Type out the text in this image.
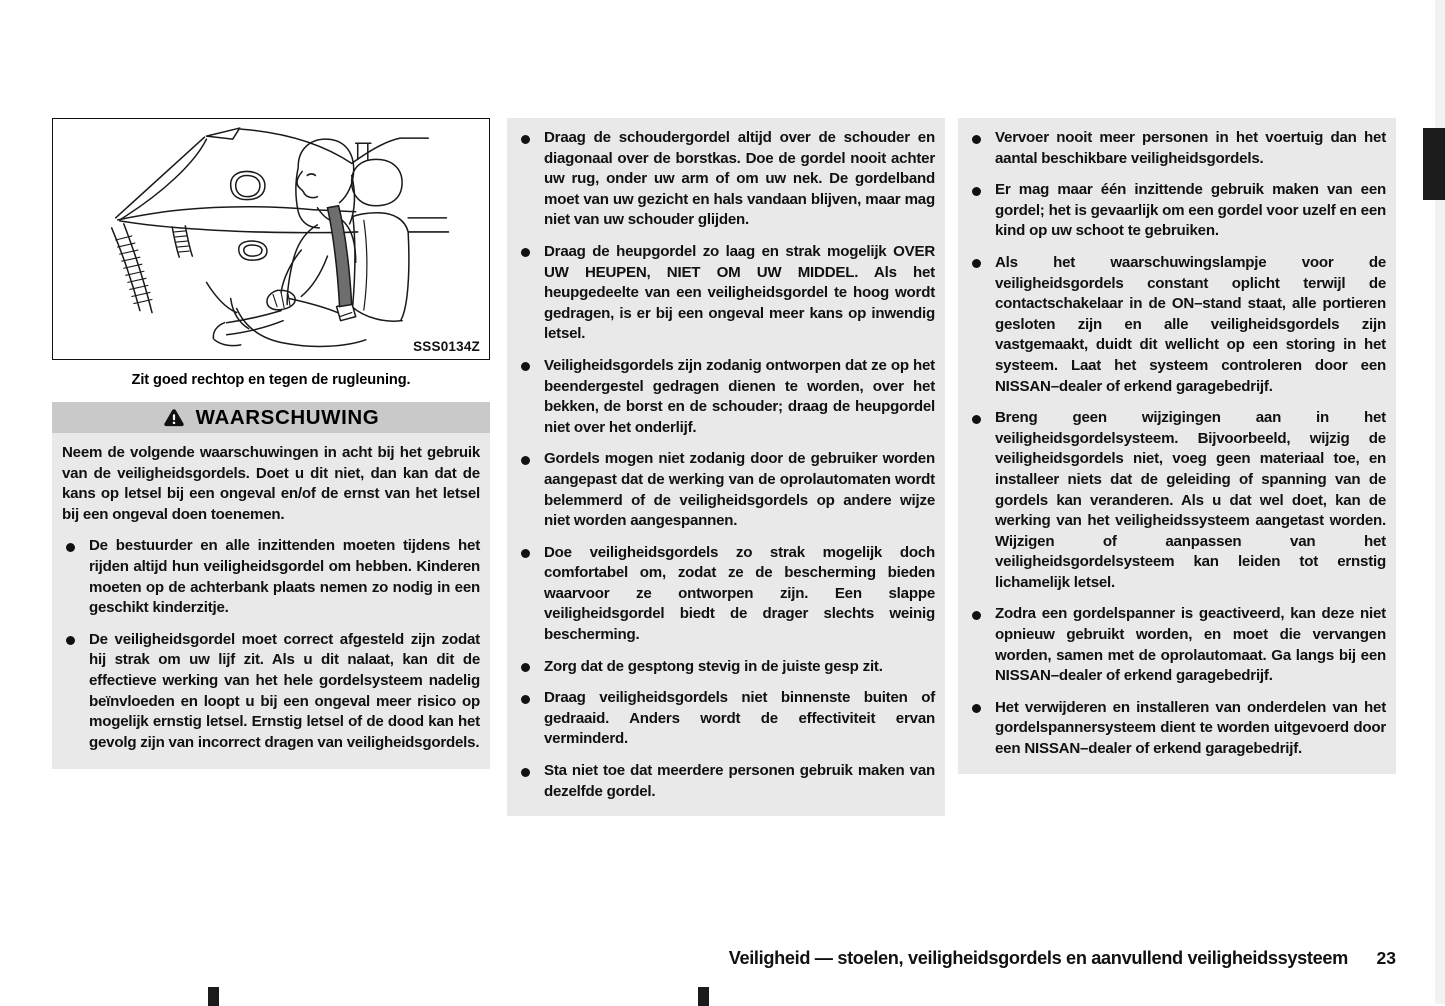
SSS0134Z
Zit goed rechtop en tegen de rugleuning.
WAARSCHUWING

Neem de volgende waarschuwingen in acht bij het gebruik van de veiligheidsgordels. Doet u dit niet, dan kan dat de kans op letsel bij een ongeval en/of de ernst van het letsel bij een ongeval doen toenemen.

De bestuurder en alle inzittenden moeten tijdens het rijden altijd hun veiligheidsgordel om hebben. Kinderen moeten op de achterbank plaats nemen zo nodig in een geschikt kinderzitje.
De veiligheidsgordel moet correct afgesteld zijn zodat hij strak om uw lijf zit. Als u dit nalaat, kan dit de effectieve werking van het hele gordelsysteem nadelig beïnvloeden en loopt u bij een ongeval meer risico op mogelijk ernstig letsel. Ernstig letsel of de dood kan het gevolg zijn van incorrect dragen van veiligheidsgordels.
Draag de schoudergordel altijd over de schouder en diagonaal over de borstkas. Doe de gordel nooit achter uw rug, onder uw arm of om uw nek. De gordelband moet van uw gezicht en hals vandaan blijven, maar mag niet van uw schouder glijden.
Draag de heupgordel zo laag en strak mogelijk OVER UW HEUPEN, NIET OM UW MIDDEL. Als het heupgedeelte van een veiligheidsgordel te hoog wordt gedragen, is er bij een ongeval meer kans op inwendig letsel.
Veiligheidsgordels zijn zodanig ontworpen dat ze op het beendergestel gedragen dienen te worden, over het bekken, de borst en de schouder; draag de heupgordel niet over het onderlijf.
Gordels mogen niet zodanig door de gebruiker worden aangepast dat de werking van de oprolautomaten wordt belemmerd of de veiligheidsgordels op andere wijze niet worden aangespannen.
Doe veiligheidsgordels zo strak mogelijk doch comfortabel om, zodat ze de bescherming bieden waarvoor ze ontworpen zijn. Een slappe veiligheidsgordel biedt de drager slechts weinig bescherming.
Zorg dat de gesptong stevig in de juiste gesp zit.
Draag veiligheidsgordels niet binnenste buiten of gedraaid. Anders wordt de effectiviteit ervan verminderd.
Sta niet toe dat meerdere personen gebruik maken van dezelfde gordel.
Vervoer nooit meer personen in het voertuig dan het aantal beschikbare veiligheidsgordels.
Er mag maar één inzittende gebruik maken van een gordel; het is gevaarlijk om een gordel voor uzelf en een kind op uw schoot te gebruiken.
Als het waarschuwingslampje voor de veiligheidsgordels constant oplicht terwijl de contactschakelaar in de ON–stand staat, alle portieren gesloten zijn en alle veiligheidsgordels zijn vastgemaakt, duidt dit wellicht op een storing in het systeem. Laat het systeem controleren door een NISSAN–dealer of erkend garagebedrijf.
Breng geen wijzigingen aan in het veiligheidsgordelsysteem. Bijvoorbeeld, wijzig de veiligheidsgordels niet, voeg geen materiaal toe, en installeer niets dat de geleiding of spanning van de gordels kan veranderen. Als u dat wel doet, kan de werking van het veiligheidssysteem aangetast worden. Wijzigen of aanpassen van het veiligheidsgordelsysteem kan leiden tot ernstig lichamelijk letsel.
Zodra een gordelspanner is geactiveerd, kan deze niet opnieuw gebruikt worden, en moet die vervangen worden, samen met de oprolautomaat. Ga langs bij een NISSAN–dealer of erkend garagebedrijf.
Het verwijderen en installeren van onderdelen van het gordelspannersysteem dient te worden uitgevoerd door een NISSAN–dealer of erkend garagebedrijf.
Veiligheid — stoelen, veiligheidsgordels en aanvullend veiligheidssysteem	23
